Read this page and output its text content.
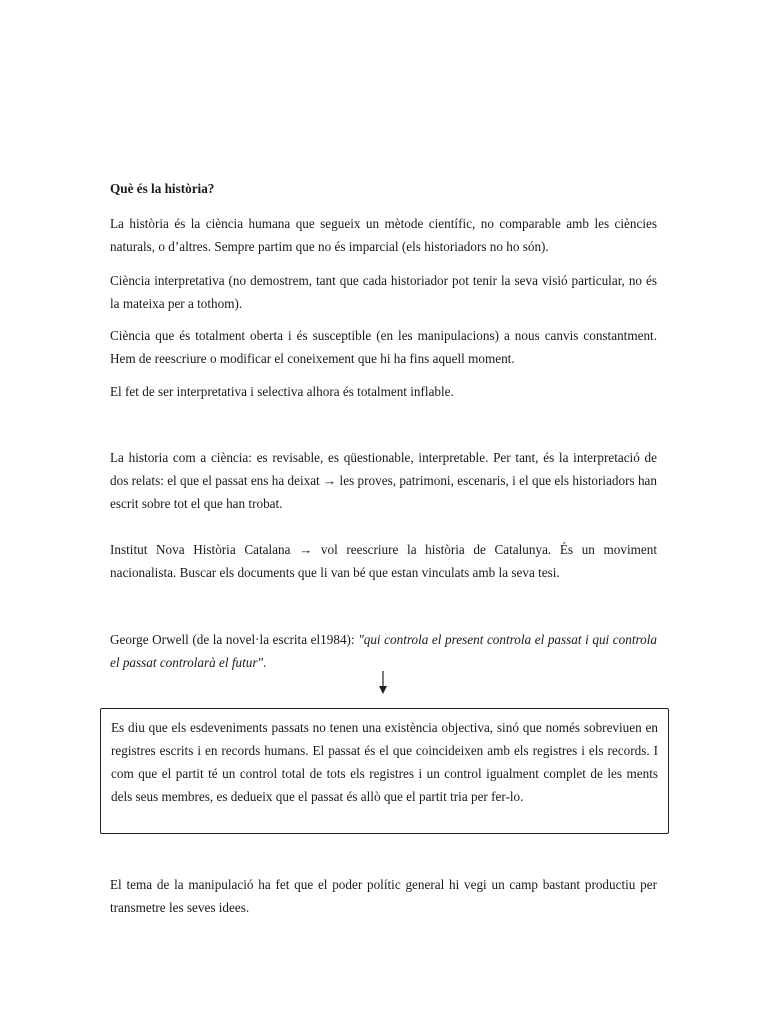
Què és la història?

La història és la ciència humana que segueix un mètode científic, no comparable amb les ciències naturals, o d’altres. Sempre partim que no és imparcial (els historiadors no ho són).

Ciència interpretativa (no demostrem, tant que cada historiador pot tenir la seva visió particular, no és la mateixa per a tothom).

Ciència que és totalment oberta i és susceptible (en les manipulacions) a nous canvis constantment. Hem de reescriure o modificar el coneixement que hi ha fins aquell moment.

El fet de ser interpretativa i selectiva alhora és totalment inflable.

La historia com a ciència: es revisable, es qüestionable, interpretable. Per tant, és la interpretació de dos relats: el que el passat ens ha deixat → les proves, patrimoni, escenaris, i el que els historiadors han escrit sobre tot el que han trobat.

Institut Nova Història Catalana → vol reescriure la història de Catalunya. És un moviment nacionalista. Buscar els documents que li van bé que estan vinculats amb la seva tesi.

George Orwell (de la novel·la escrita el1984): "qui controla el present controla el passat i qui controla el passat controlarà el futur".

Es diu que els esdeveniments passats no tenen una existència objectiva, sinó que només sobreviuen en registres escrits i en records humans. El passat és el que coincideixen amb els registres i els records. I com que el partit té un control total de tots els registres i un control igualment complet de les ments dels seus membres, es dedueix que el passat és allò que el partit tria per fer-lo.

El tema de la manipulació ha fet que el poder polític general hi vegi un camp bastant productiu per transmetre les seves idees.
